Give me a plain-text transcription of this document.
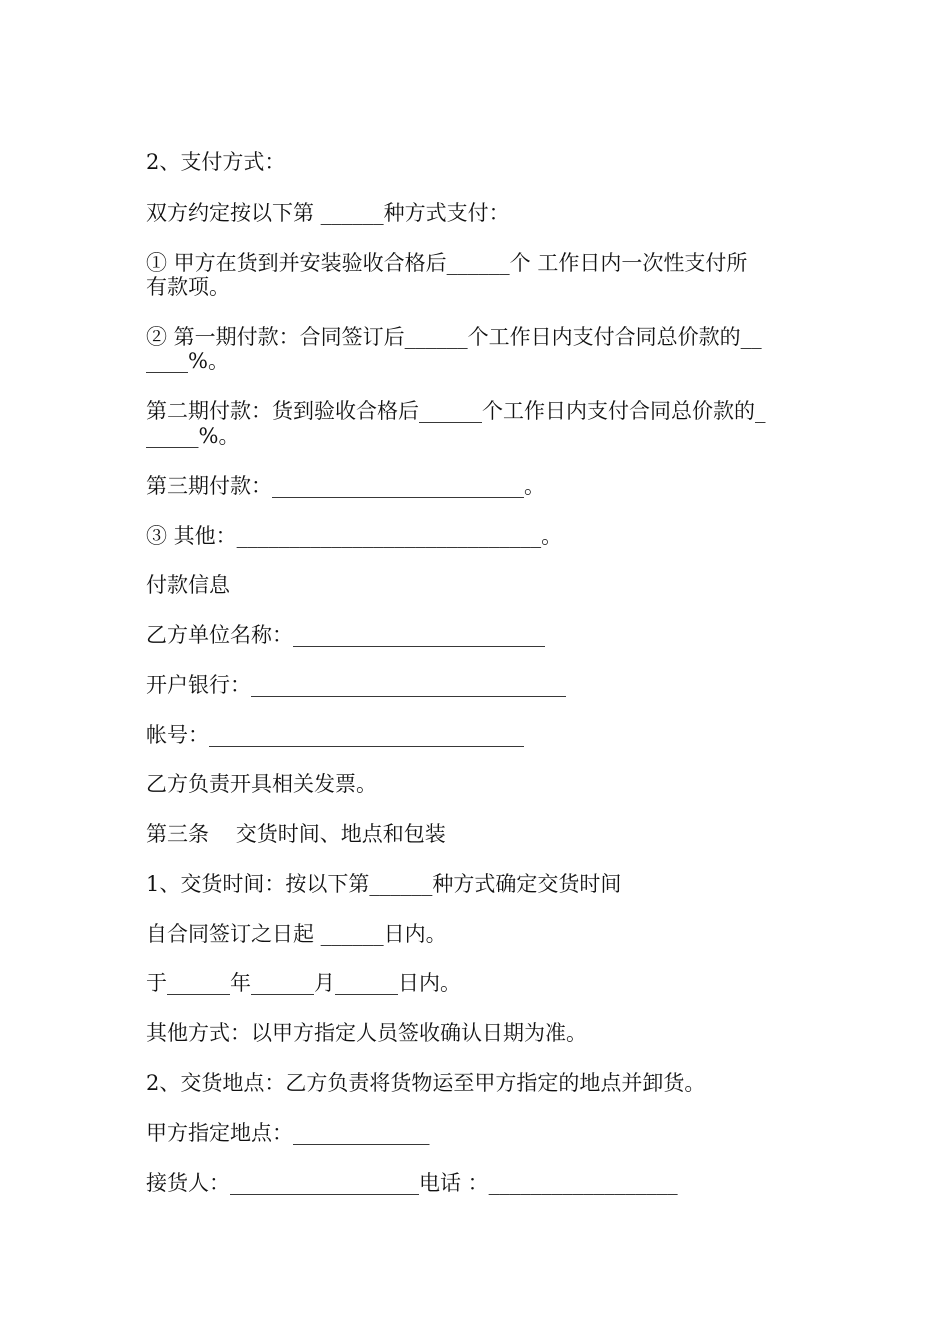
2、支付方式：
双方约定按以下第 ______种方式支付：
① 甲方在货到并安装验收合格后______个 工作日内一次性支付所
有款项。
② 第一期付款：合同签订后______个工作日内支付合同总价款的__
____%。
第二期付款：货到验收合格后______个工作日内支付合同总价款的_
_____%。
第三期付款：________________________。
③ 其他：_____________________________。
付款信息
乙方单位名称：________________________
开户银行：______________________________
帐号：______________________________
乙方负责开具相关发票。
第三条    交货时间、地点和包装
1、交货时间：按以下第______种方式确定交货时间
自合同签订之日起 ______日内。
于______年______月______日内。
其他方式：以甲方指定人员签收确认日期为准。
2、交货地点：乙方负责将货物运至甲方指定的地点并卸货。
甲方指定地点：_____________
接货人：__________________电话 ：__________________
